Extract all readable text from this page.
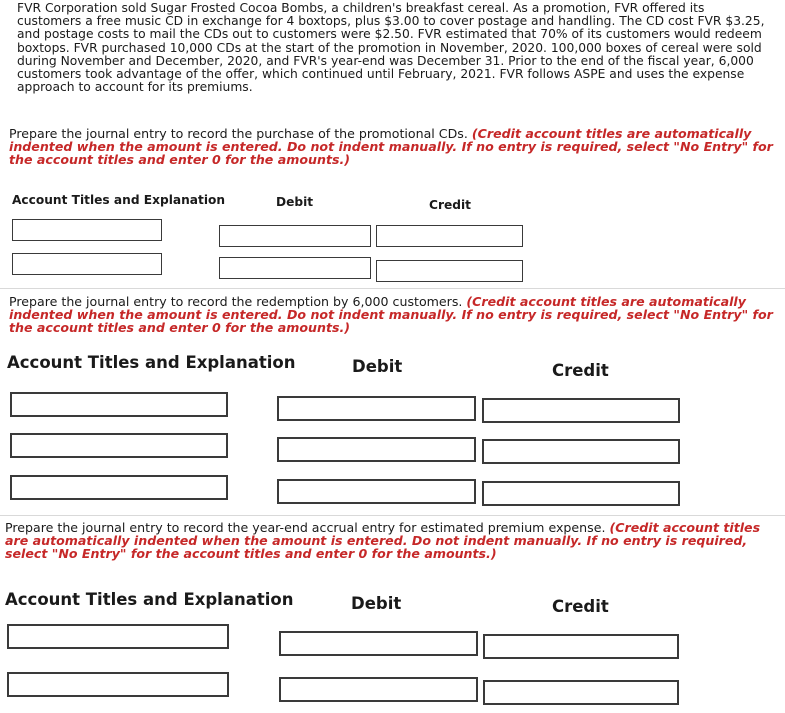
FVR Corporation sold Sugar Frosted Cocoa Bombs, a children's breakfast cereal. As a promotion, FVR offered its
customers a free music CD in exchange for 4 boxtops, plus $3.00 to cover postage and handling. The CD cost FVR $3.25,
and postage costs to mail the CDs out to customers were $2.50. FVR estimated that 70% of its customers would redeem
boxtops. FVR purchased 10,000 CDs at the start of the promotion in November, 2020. 100,000 boxes of cereal were sold
during November and December, 2020, and FVR's year-end was December 31. Prior to the end of the fiscal year, 6,000
customers took advantage of the offer, which continued until February, 2021. FVR follows ASPE and uses the expense
approach to account for its premiums.

Prepare the journal entry to record the purchase of the promotional CDs. (Credit account titles are automatically
indented when the amount is entered. Do not indent manually. If no entry is required, select "No Entry" for
the account titles and enter 0 for the amounts.)
Account Titles and Explanation	Debit	Credit
Prepare the journal entry to record the redemption by 6,000 customers. (Credit account titles are automatically
indented when the amount is entered. Do not indent manually. If no entry is required, select "No Entry" for
the account titles and enter 0 for the amounts.)
Account Titles and Explanation	Debit	Credit
Prepare the journal entry to record the year-end accrual entry for estimated premium expense. (Credit account titles
are automatically indented when the amount is entered. Do not indent manually. If no entry is required,
select "No Entry" for the account titles and enter 0 for the amounts.)
Account Titles and Explanation	Debit	Credit
